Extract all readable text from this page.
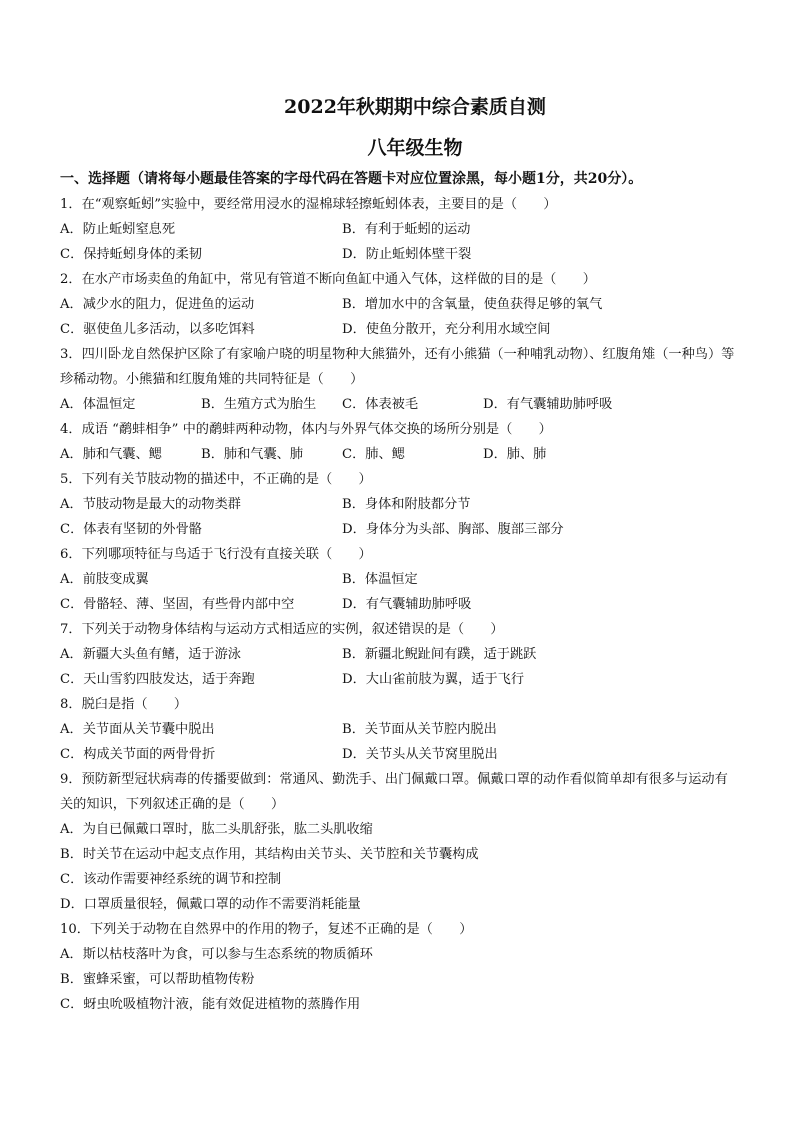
2022年秋期期中综合素质自测
八年级生物
一、选择题（请将每小题最佳答案的字母代码在答题卡对应位置涂黑，每小题1分，共20分）。
1．在“观察蚯蚓”实验中，要经常用浸水的湿棉球轻擦蚯蚓体表，主要目的是（　　）
A．防止蚯蚓窒息死	B．有利于蚯蚓的运动
C．保持蚯蚓身体的柔韧	D．防止蚯蚓体壁干裂
2．在水产市场卖鱼的角缸中，常见有管道不断向鱼缸中通入气体，这样做的目的是（　　）
A．减少水的阻力，促进鱼的运动	B．增加水中的含氧量，使鱼获得足够的氧气
C．驱使鱼儿多活动，以多吃饵料	D．使鱼分散开，充分利用水域空间
3．四川卧龙自然保护区除了有家喻户晓的明星物种大熊猫外，还有小熊猫（一种哺乳动物）、红腹角雉（一种鸟）等珍稀动物。小熊猫和红腹角雉的共同特征是（　　）
A．体温恒定	B．生殖方式为胎生	C．体表被毛	D．有气囊辅助肺呼吸
4．成语 “鹬蚌相争” 中的鹬蚌两种动物，体内与外界气体交换的场所分别是（　　）
A．肺和气囊、鳃	B．肺和气囊、肺	C．肺、鳃	D．肺、肺
5．下列有关节肢动物的描述中，不正确的是（　　）
A．节肢动物是最大的动物类群	B．身体和附肢都分节
C．体表有坚韧的外骨骼	D．身体分为头部、胸部、腹部三部分
6．下列哪项特征与鸟适于飞行没有直接关联（　　）
A．前肢变成翼	B．体温恒定
C．骨骼轻、薄、坚固，有些骨内部中空	D．有气囊辅助肺呼吸
7．下列关于动物身体结构与运动方式相适应的实例，叙述错误的是（　　）
A．新疆大头鱼有鳍，适于游泳	B．新疆北鲵趾间有蹼，适于跳跃
C．天山雪豹四肢发达，适于奔跑	D．大山雀前肢为翼，适于飞行
8．脱臼是指（　　）
A．关节面从关节囊中脱出	B．关节面从关节腔内脱出
C．构成关节面的两骨骨折	D．关节头从关节窝里脱出
9．预防新型冠状病毒的传播要做到：常通风、勤洗手、出门佩戴口罩。佩戴口罩的动作看似简单却有很多与运动有关的知识，下列叙述正确的是（　　）
A．为自已佩戴口罩时，肱二头肌舒张，肱二头肌收缩
B．时关节在运动中起支点作用，其结构由关节头、关节腔和关节囊构成
C．该动作需要神经系统的调节和控制
D．口罩质量很轻，佩戴口罩的动作不需要消耗能量
10．下列关于动物在自然界中的作用的物子，复述不正确的是（　　）
A．斯以枯枝落叶为食，可以参与生态系统的物质循环
B．蜜蜂采蜜，可以帮助植物传粉
C．蚜虫吮吸植物汁液，能有效促进植物的蒸腾作用
